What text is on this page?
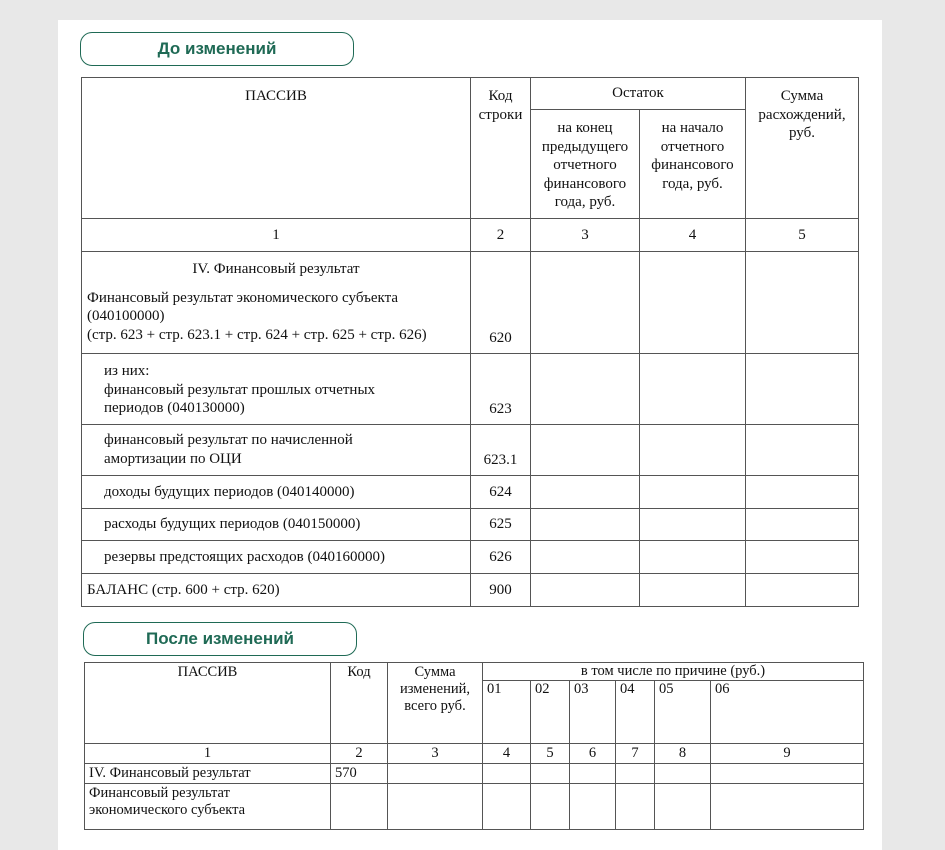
До изменений
ПАССИВ	Код строки	Остаток		Сумма расхождений, руб.
		на конец предыдущего отчетного финансового года, руб.	на начало отчетного финансового года, руб.	
1	2	3	4	5

IV. Финансовый результат
Финансовый результат экономического субъекта
(040100000)
(стр. 623 + стр. 623.1 + стр. 624 + стр. 625 + стр. 626)	620			

из них:
финансовый результат прошлых отчетных
периодов (040130000)	623			

финансовый результат по начисленной
амортизации по ОЦИ	623.1			
доходы будущих периодов (040140000)	624			
расходы будущих периодов (040150000)	625			
резервы предстоящих расходов (040160000)	626			
БАЛАНС (стр. 600 + стр. 620)	900			
После изменений
ПАССИВ	Код	Сумма изменений, всего руб.	в том числе по причине (руб.)					
			01	02	03	04	05	06
1	2	3	4	5	6	7	8	9
IV. Финансовый результат	570							
Финансовый результат экономического субъекта								
